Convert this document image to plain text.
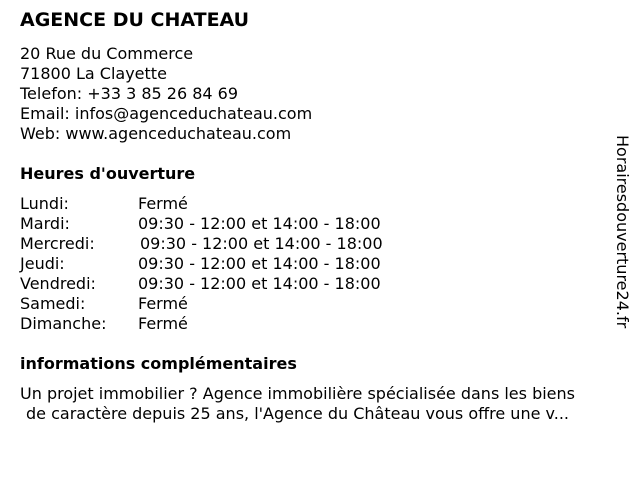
AGENCE DU CHATEAU
20 Rue du Commerce
71800 La Clayette
Telefon: +33 3 85 26 84 69
Email: infos@agenceduchateau.com
Web: www.agenceduchateau.com
Heures d'ouverture
Lundi:	Fermé
Mardi:	09:30 - 12:00 et 14:00 - 18:00
Mercredi:	09:30 - 12:00 et 14:00 - 18:00
Jeudi:	09:30 - 12:00 et 14:00 - 18:00
Vendredi:	09:30 - 12:00 et 14:00 - 18:00
Samedi:	Fermé
Dimanche: Fermé
informations complémentaires
Un projet immobilier ? Agence immobilière spécialisée dans les biens
de caractère depuis 25 ans, l'Agence du Château vous offre une v...
Horairesdouverture24.fr
